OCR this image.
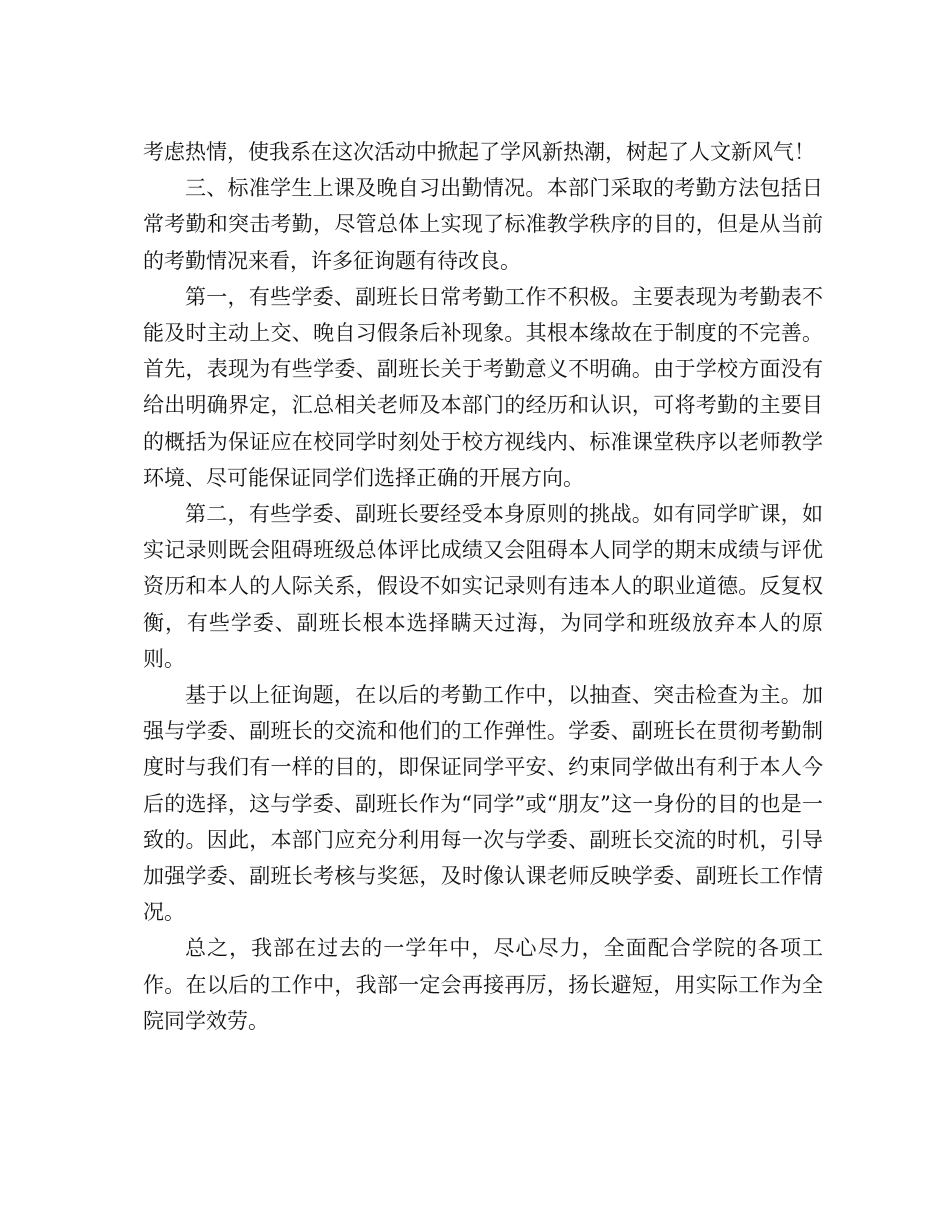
考虑热情，使我系在这次活动中掀起了学风新热潮，树起了人文新风气！

三、标准学生上课及晚自习出勤情况。本部门采取的考勤方法包括日常考勤和突击考勤，尽管总体上实现了标准教学秩序的目的，但是从当前的考勤情况来看，许多征询题有待改良。

第一，有些学委、副班长日常考勤工作不积极。主要表现为考勤表不能及时主动上交、晚自习假条后补现象。其根本缘故在于制度的不完善。首先，表现为有些学委、副班长关于考勤意义不明确。由于学校方面没有给出明确界定，汇总相关老师及本部门的经历和认识，可将考勤的主要目的概括为保证应在校同学时刻处于校方视线内、标准课堂秩序以老师教学环境、尽可能保证同学们选择正确的开展方向。

第二，有些学委、副班长要经受本身原则的挑战。如有同学旷课，如实记录则既会阻碍班级总体评比成绩又会阻碍本人同学的期末成绩与评优资历和本人的人际关系，假设不如实记录则有违本人的职业道德。反复权衡，有些学委、副班长根本选择瞒天过海，为同学和班级放弃本人的原则。

基于以上征询题，在以后的考勤工作中，以抽查、突击检查为主。加强与学委、副班长的交流和他们的工作弹性。学委、副班长在贯彻考勤制度时与我们有一样的目的，即保证同学平安、约束同学做出有利于本人今后的选择，这与学委、副班长作为“同学”或“朋友”这一身份的目的也是一致的。因此，本部门应充分利用每一次与学委、副班长交流的时机，引导加强学委、副班长考核与奖惩，及时像认课老师反映学委、副班长工作情况。

总之，我部在过去的一学年中，尽心尽力，全面配合学院的各项工作。在以后的工作中，我部一定会再接再厉，扬长避短，用实际工作为全院同学效劳。
